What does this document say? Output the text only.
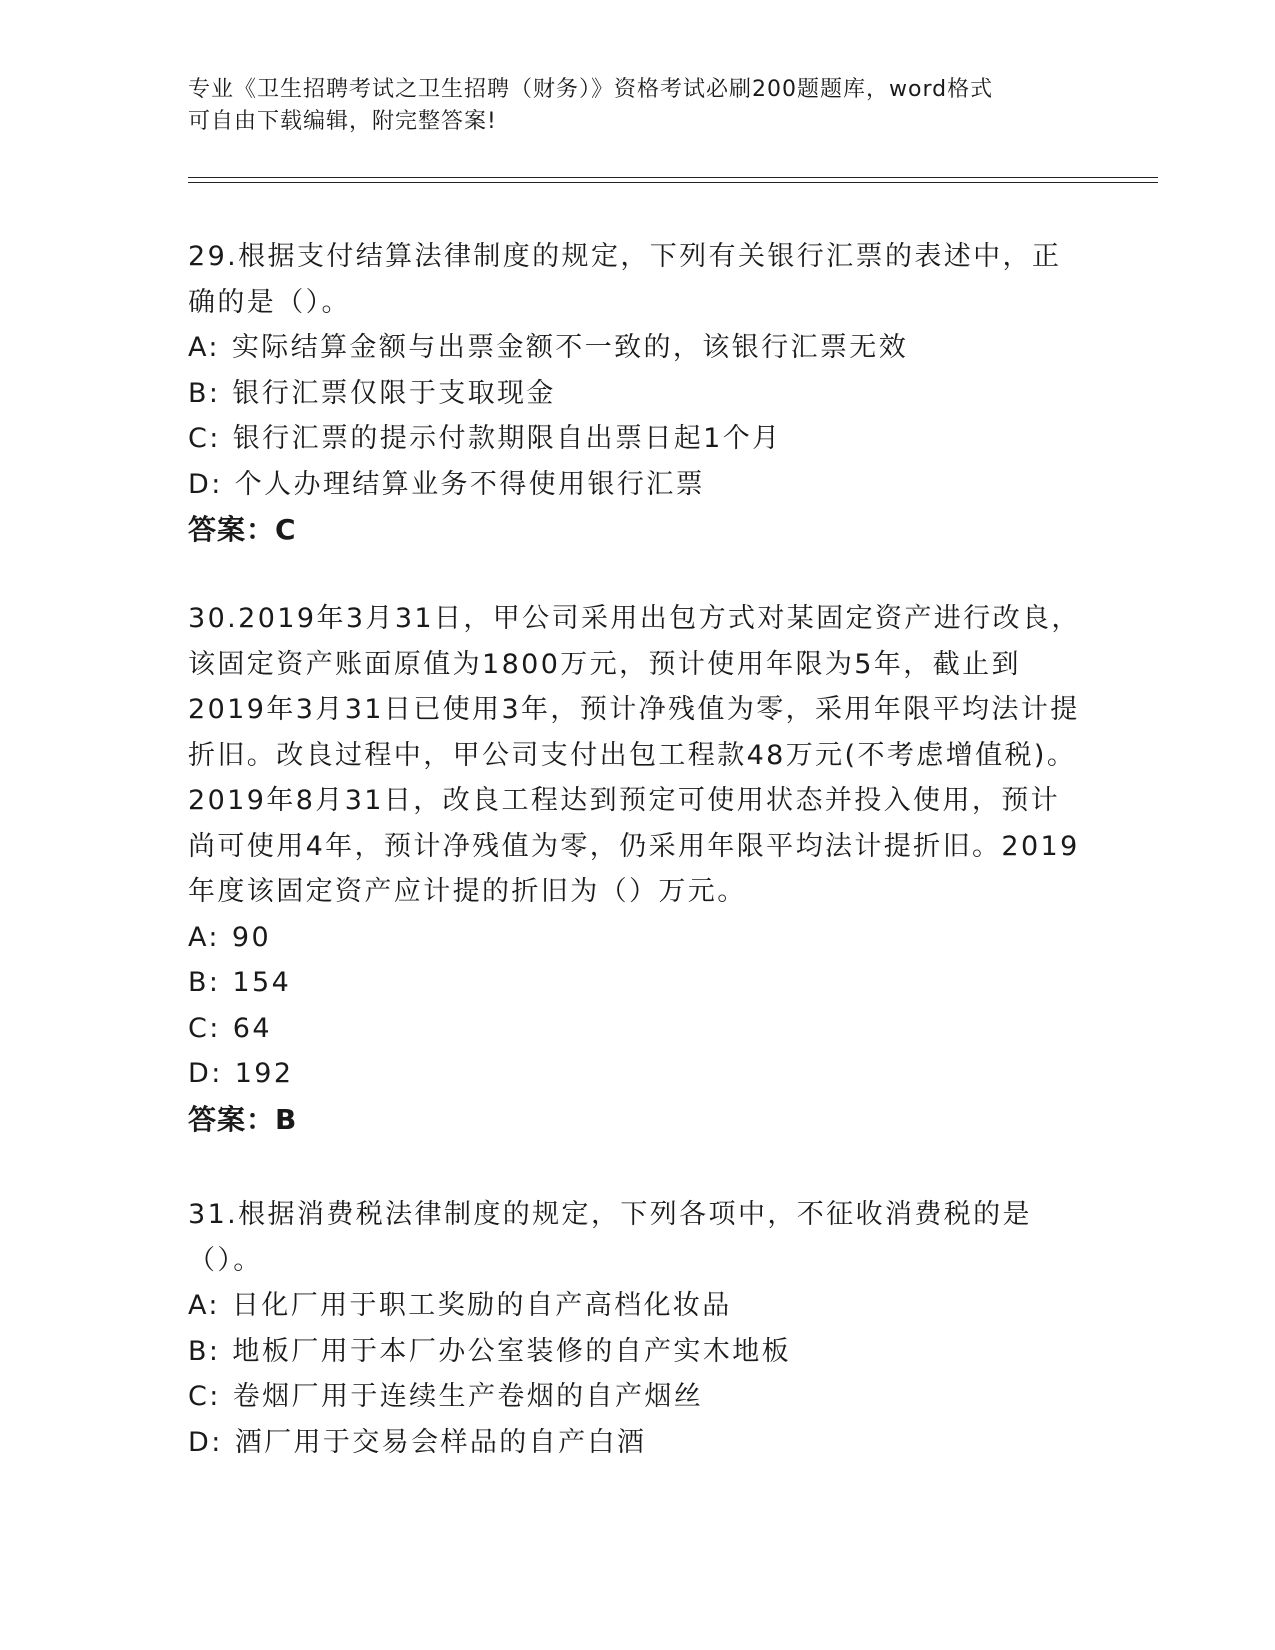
专业《卫生招聘考试之卫生招聘（财务）》资格考试必刷200题题库，word格式
可自由下载编辑，附完整答案!

29.根据支付结算法律制度的规定，下列有关银行汇票的表述中，正确的是（）。

A: 实际结算金额与出票金额不一致的，该银行汇票无效
B: 银行汇票仅限于支取现金
C: 银行汇票的提示付款期限自出票日起1个月
D: 个人办理结算业务不得使用银行汇票
答案：C

30.2019年3月31日，甲公司采用出包方式对某固定资产进行改良，该固定资产账面原值为1800万元，预计使用年限为5年，截止到2019年3月31日已使用3年，预计净残值为零，采用年限平均法计提折旧。改良过程中，甲公司支付出包工程款48万元(不考虑增值税)。2019年8月31日，改良工程达到预定可使用状态并投入使用，预计尚可使用4年，预计净残值为零，仍采用年限平均法计提折旧。2019年度该固定资产应计提的折旧为（）万元。

A: 90
B: 154
C: 64
D: 192
答案：B

31.根据消费税法律制度的规定，下列各项中，不征收消费税的是（）。

A: 日化厂用于职工奖励的自产高档化妆品
B: 地板厂用于本厂办公室装修的自产实木地板
C: 卷烟厂用于连续生产卷烟的自产烟丝
D: 酒厂用于交易会样品的自产白酒
